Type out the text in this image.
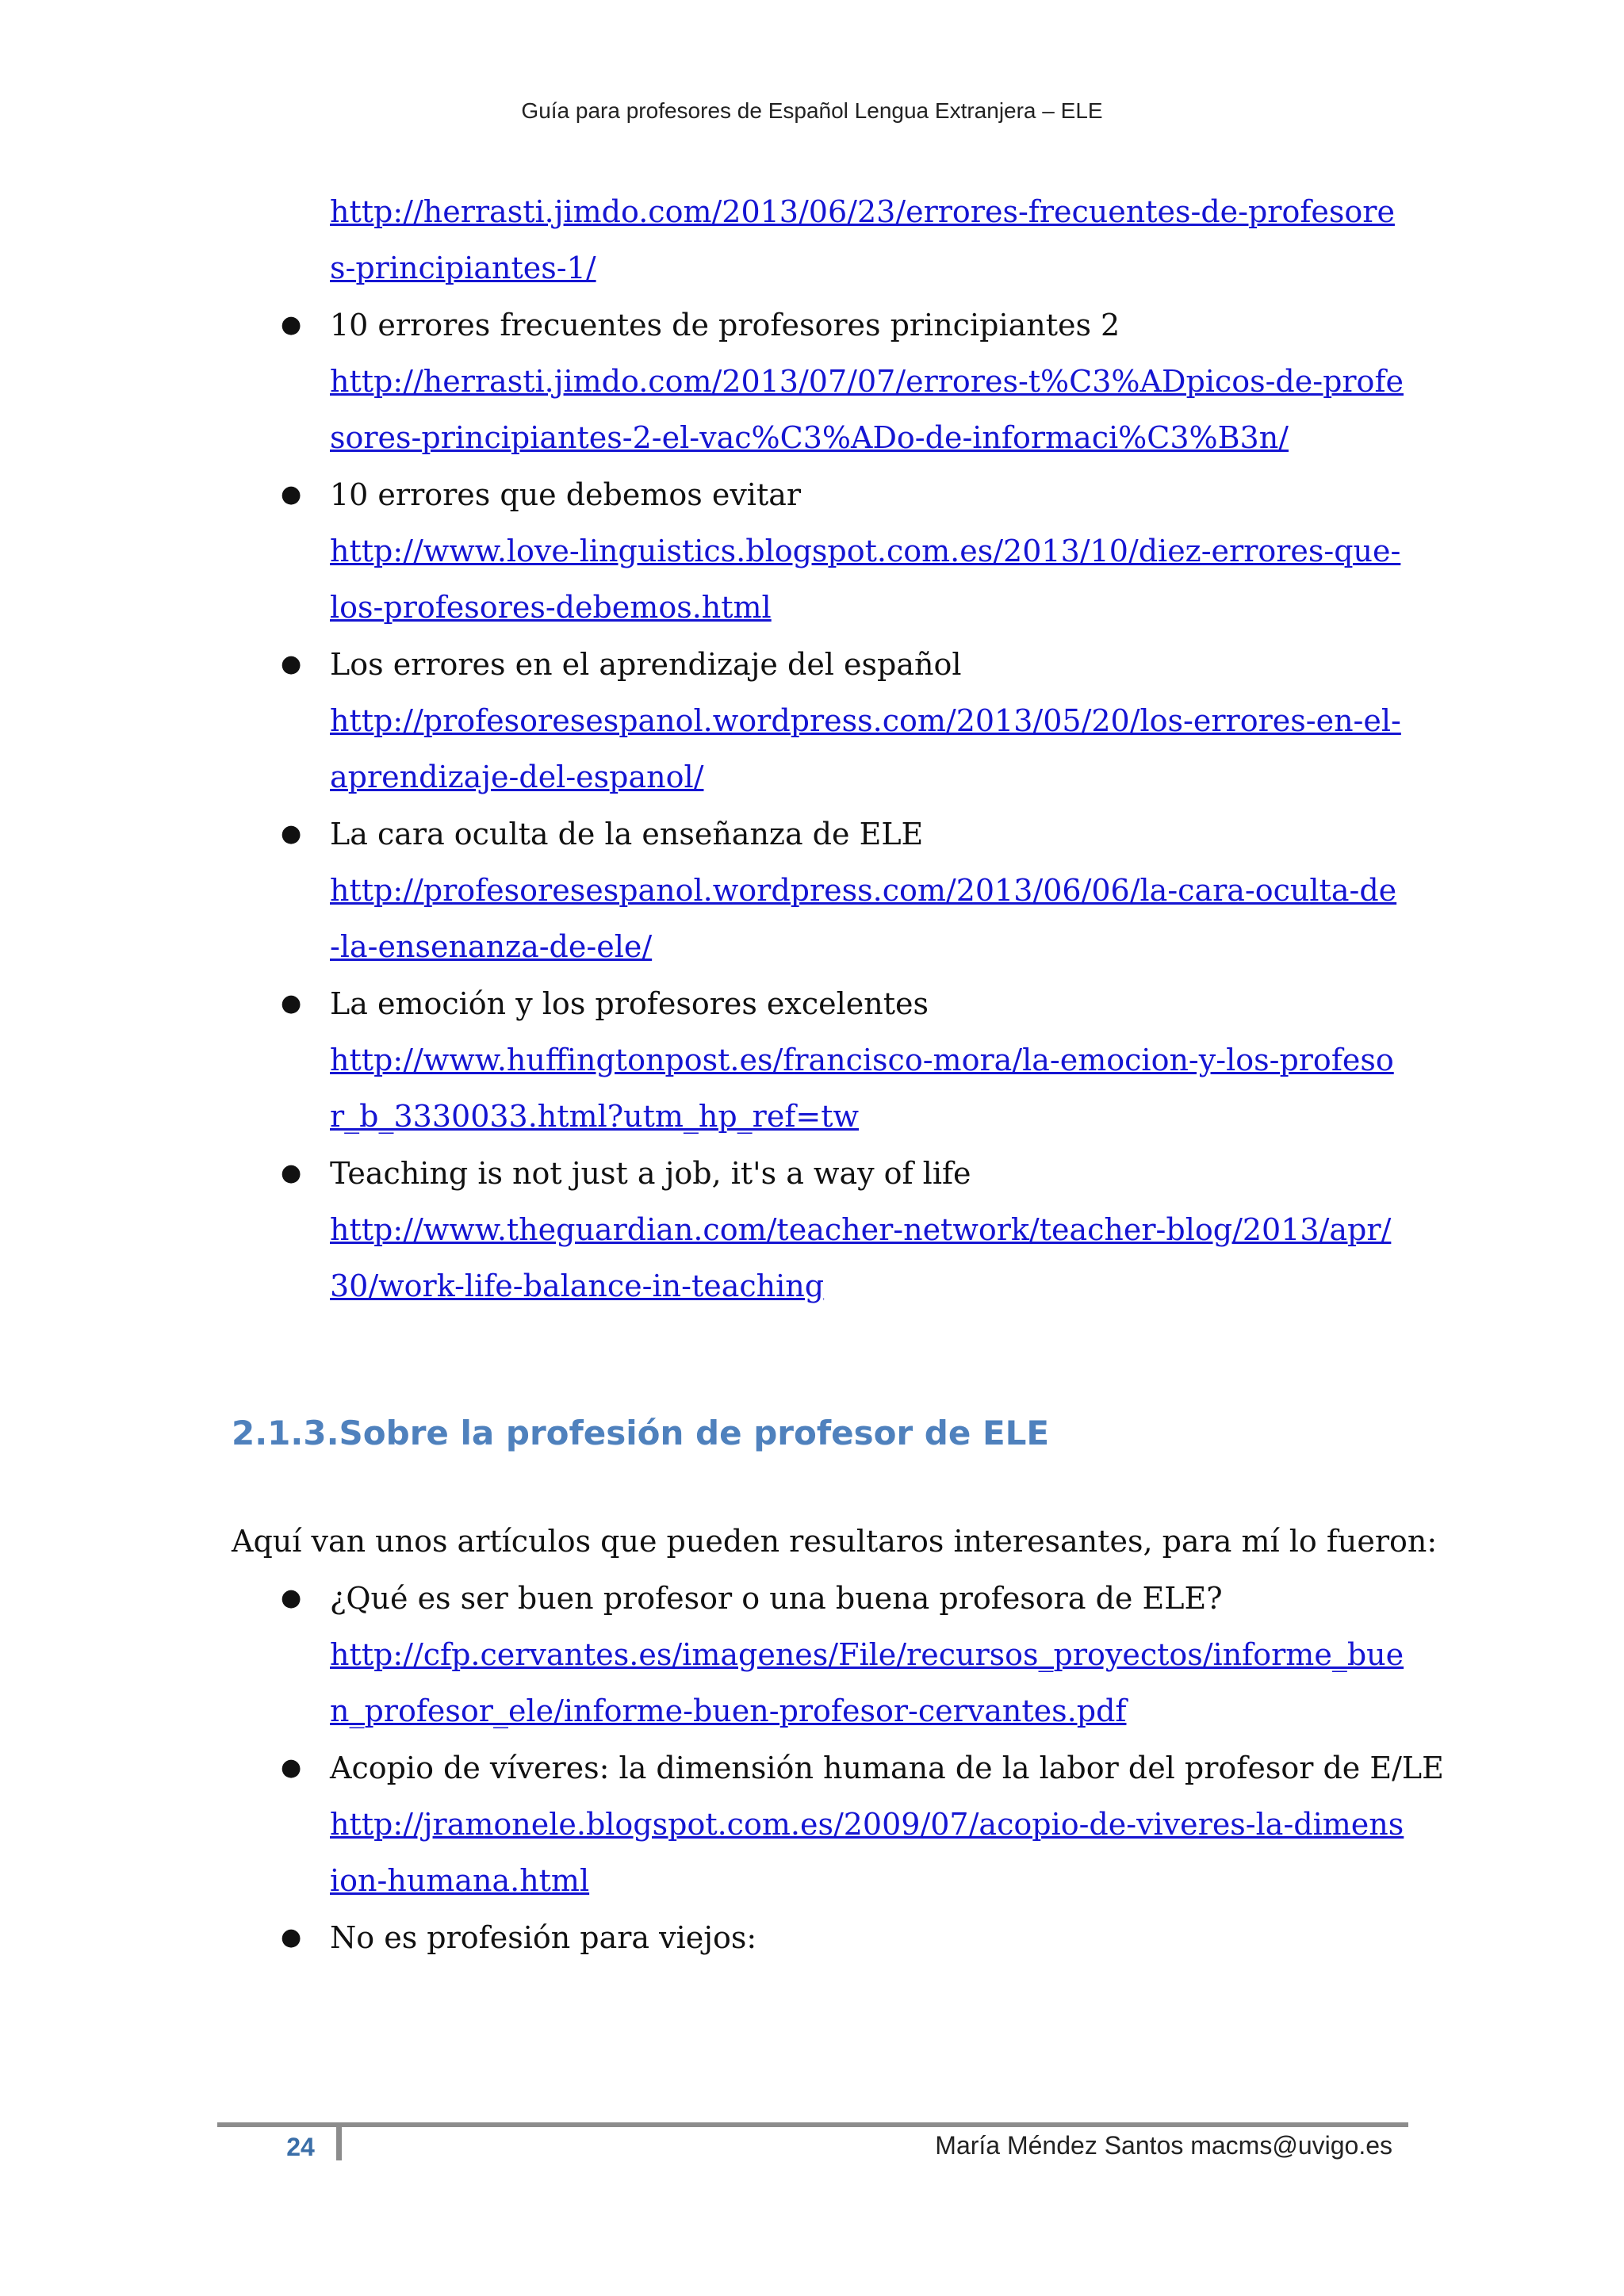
Guía para profesores de Español Lengua Extranjera – ELE
http://herrasti.jimdo.com/2013/06/23/errores-frecuentes-de-profesores-principiantes-1/
● 10 errores frecuentes de profesores principiantes 2
http://herrasti.jimdo.com/2013/07/07/errores-t%C3%ADpicos-de-profesores-principiantes-2-el-vac%C3%ADo-de-informaci%C3%B3n/
● 10 errores que debemos evitar
http://www.love-linguistics.blogspot.com.es/2013/10/diez-errores-que-los-profesores-debemos.html
● Los errores en el aprendizaje del español
http://profesoresespanol.wordpress.com/2013/05/20/los-errores-en-el-aprendizaje-del-espanol/
● La cara oculta de la enseñanza de ELE
http://profesoresespanol.wordpress.com/2013/06/06/la-cara-oculta-de-la-ensenanza-de-ele/
● La emoción y los profesores excelentes
http://www.huffingtonpost.es/francisco-mora/la-emocion-y-los-profesor_b_3330033.html?utm_hp_ref=tw
● Teaching is not just a job, it's a way of life
http://www.theguardian.com/teacher-network/teacher-blog/2013/apr/30/work-life-balance-in-teaching
2.1.3.Sobre la profesión de profesor de ELE

Aquí van unos artículos que pueden resultaros interesantes, para mí lo fueron:

● ¿Qué es ser buen profesor o una buena profesora de ELE?
http://cfp.cervantes.es/imagenes/File/recursos_proyectos/informe_buen_profesor_ele/informe-buen-profesor-cervantes.pdf
● Acopio de víveres: la dimensión humana de la labor del profesor de E/LE
http://jramonele.blogspot.com.es/2009/07/acopio-de-viveres-la-dimension-humana.html
● No es profesión para viejos:
24	María Méndez Santos macms@uvigo.es
